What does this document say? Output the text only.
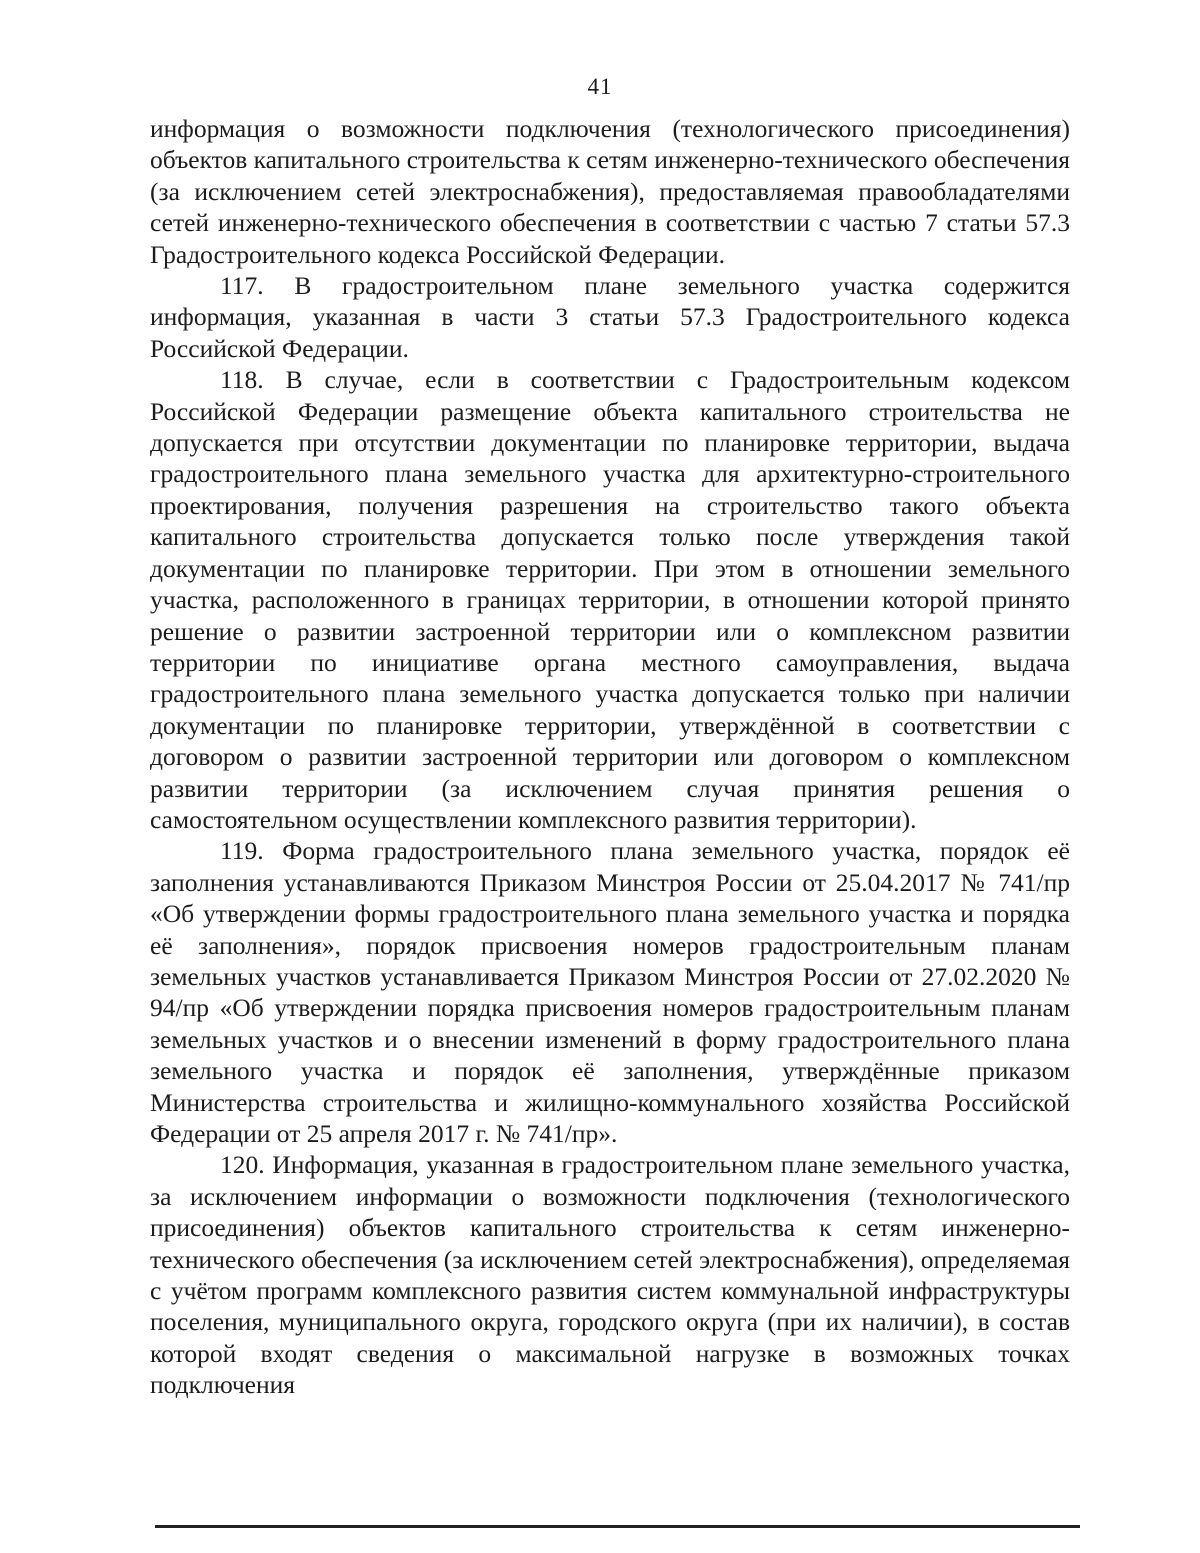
41

информация о возможности подключения (технологического присоединения) объектов капитального строительства к сетям инженерно-технического обеспечения (за исключением сетей электроснабжения), предоставляемая правообладателями сетей инженерно-технического обеспечения в соответствии с частью 7 статьи 57.3 Градостроительного кодекса Российской Федерации.

117. В градостроительном плане земельного участка содержится информация, указанная в части 3 статьи 57.3 Градостроительного кодекса Российской Федерации.

118. В случае, если в соответствии с Градостроительным кодексом Российской Федерации размещение объекта капитального строительства не допускается при отсутствии документации по планировке территории, выдача градостроительного плана земельного участка для архитектурно-строительного проектирования, получения разрешения на строительство такого объекта капитального строительства допускается только после утверждения такой документации по планировке территории. При этом в отношении земельного участка, расположенного в границах территории, в отношении которой принято решение о развитии застроенной территории или о комплексном развитии территории по инициативе органа местного самоуправления, выдача градостроительного плана земельного участка допускается только при наличии документации по планировке территории, утверждённой в соответствии с договором о развитии застроенной территории или договором о комплексном развитии территории (за исключением случая принятия решения о самостоятельном осуществлении комплексного развития территории).

119. Форма градостроительного плана земельного участка, порядок её заполнения устанавливаются Приказом Минстроя России от 25.04.2017 № 741/пр «Об утверждении формы градостроительного плана земельного участка и порядка её заполнения», порядок присвоения номеров градостроительным планам земельных участков устанавливается Приказом Минстроя России от 27.02.2020 № 94/пр «Об утверждении порядка присвоения номеров градостроительным планам земельных участков и о внесении изменений в форму градостроительного плана земельного участка и порядок её заполнения, утверждённые приказом Министерства строительства и жилищно-коммунального хозяйства Российской Федерации от 25 апреля 2017 г. № 741/пр».

120. Информация, указанная в градостроительном плане земельного участка, за исключением информации о возможности подключения (технологического присоединения) объектов капитального строительства к сетям инженерно-технического обеспечения (за исключением сетей электроснабжения), определяемая с учётом программ комплексного развития систем коммунальной инфраструктуры поселения, муниципального округа, городского округа (при их наличии), в состав которой входят сведения о максимальной нагрузке в возможных точках подключения
